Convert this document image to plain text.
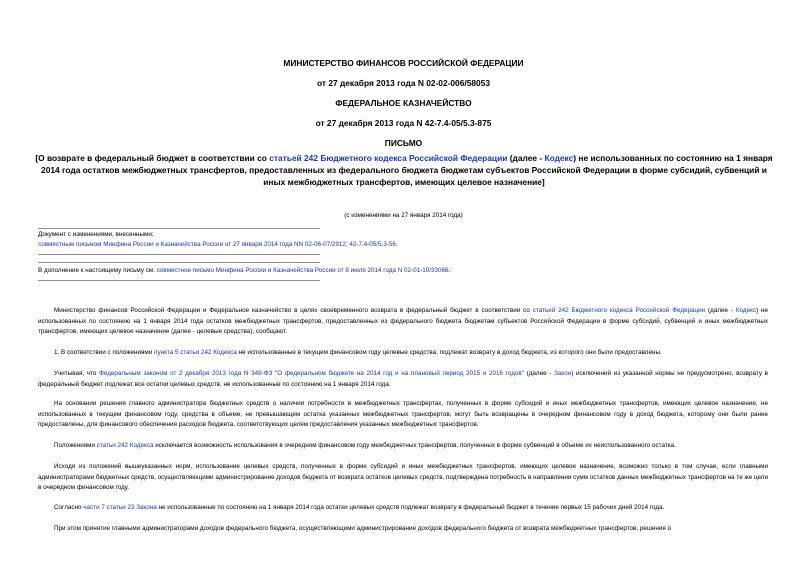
МИНИСТЕРСТВО ФИНАНСОВ РОССИЙСКОЙ ФЕДЕРАЦИИ
от 27 декабря 2013 года N 02-02-006/58053
ФЕДЕРАЛЬНОЕ КАЗНАЧЕЙСТВО
от 27 декабря 2013 года N 42-7.4-05/5.3-875
ПИСЬМО
[О возврате в федеральный бюджет в соответствии со статьей 242 Бюджетного кодекса Российской Федерации (далее - Кодекс) не использованных по состоянию на 1 января 2014 года остатков межбюджетных трансфертов, предоставленных из федерального бюджета бюджетам субъектов Российской Федерации в форме субсидий, субвенций и иных межбюджетных трансфертов, имеющих целевое назначение]
(с изменениями на 27 января 2014 года)
Документ с изменениями, внесенными:
совместным письмом Минфина России и Казначейства России от 27 января 2014 года NN 02-06-07/2912; 42-7.4-05/5.3-56.
В дополнение к настоящему письму см. совместное письмо Минфина России и Казначейства России от 8 июля 2014 года N 02-01-10/33066.
Министерство финансов Российской Федерации и Федеральное казначейство в целях своевременного возврата в федеральный бюджет в соответствии со статьей 242 Бюджетного кодекса Российской Федерации (далее - Кодекс) не использованных по состоянию на 1 января 2014 года остатков межбюджетных трансфертов, предоставленных из федерального бюджета бюджетам субъектов Российской Федерации в форме субсидий, субвенций и иных межбюджетных трансфертов, имеющих целевое назначение (далее - целевые средства), сообщают.
1. В соответствии с положениями пункта 5 статьи 242 Кодекса не использованные в текущем финансовом году целевые средства, подлежат возврату в доход бюджета, из которого они были предоставлены.
Учитывая, что Федеральным законом от 2 декабря 2013 года N 349-ФЗ "О федеральном бюджете на 2014 год и на плановый период 2015 и 2016 годов" (далее - Закон) исключений из указанной нормы не предусмотрено, возврату в федеральный бюджет подлежат все остатки целевых средств, не использованные по состоянию на 1 января 2014 года.
На основании решения главного администратора бюджетных средств о наличии потребности в межбюджетных трансфертах, полученных в форме субсидий и иных межбюджетных трансфертов, имеющих целевое назначение, не использованных в текущем финансовом году, средства в объеме, не превышающем остатка указанных межбюджетных трансфертов, могут быть возвращены в очередном финансовом году в доход бюджета, которому они были ранее предоставлены, для финансового обеспечения расходов бюджета, соответствующих целям предоставления указанных межбюджетных трансфертов.
Положениями статьи 242 Кодекса исключается возможность использования в очередном финансовом году межбюджетных трансфертов, полученных в форме субвенций в объеме их неиспользованного остатка.
Исходя из положений вышеуказанных норм, использование целевых средств, полученных в форме субсидий и иных межбюджетных трансфертов, имеющих целевое назначение, возможно только в том случае, если главными администраторами бюджетных средств, осуществляющими администрирование доходов бюджета от возврата остатков целевых средств, подтверждена потребность в направлении сумм остатков данных межбюджетных трансфертов на те же цели в очередном финансовом году.
Согласно части 7 статьи 23 Закона не использованные по состоянию на 1 января 2014 года остатки целевых средств подлежат возврату в федеральный бюджет в течение первых 15 рабочих дней 2014 года.
При этом принятие главными администраторами доходов федерального бюджета, осуществляющими администрирование доходов федерального бюджета от возврата межбюджетных трансфертов, решения о
